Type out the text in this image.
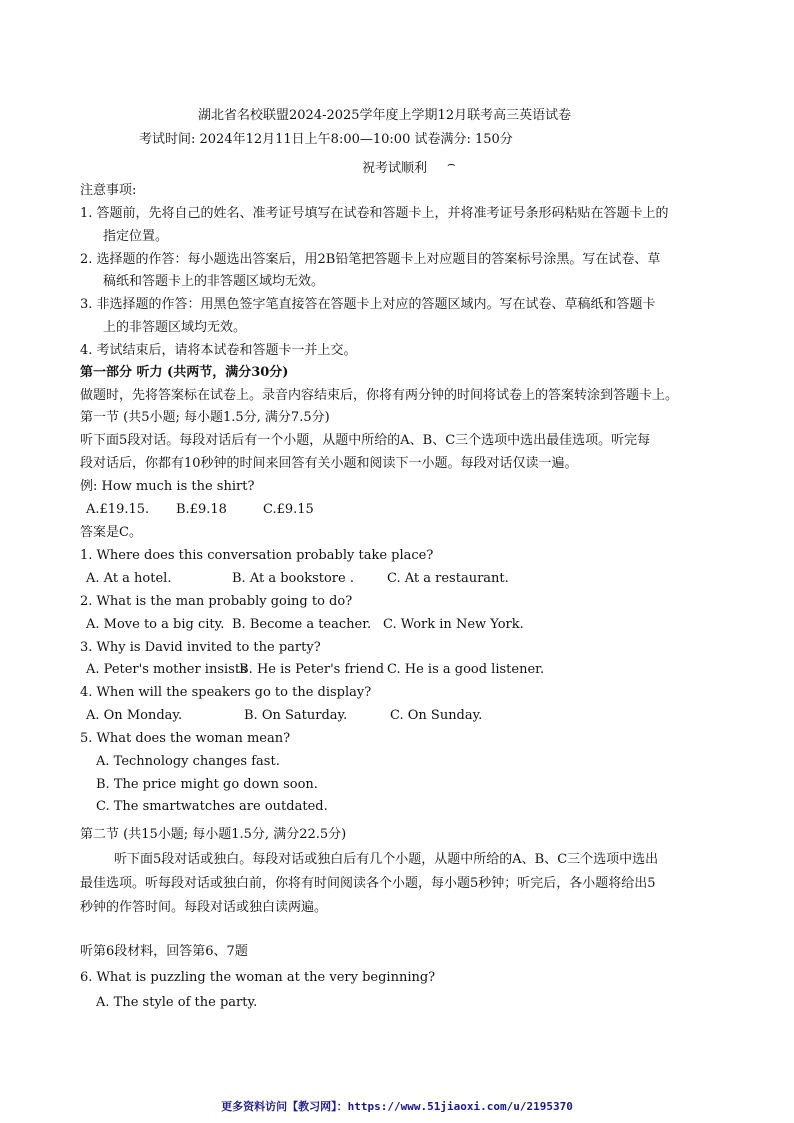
湖北省名校联盟2024-2025学年度上学期12月联考高三英语试卷
考试时间: 2024年12月11日上午8:00—10:00 试卷满分: 150分
祝考试顺利 ⌢
注意事项:
1. 答题前，先将自己的姓名、准考证号填写在试卷和答题卡上，并将准考证号条形码粘贴在答题卡上的
指定位置。
2. 选择题的作答：每小题选出答案后，用2B铅笔把答题卡上对应题目的答案标号涂黑。写在试卷、草
稿纸和答题卡上的非答题区域均无效。
3. 非选择题的作答：用黑色签字笔直接答在答题卡上对应的答题区域内。写在试卷、草稿纸和答题卡
上的非答题区域均无效。
4. 考试结束后，请将本试卷和答题卡一并上交。
第一部分 听力 (共两节，满分30分)
做题时，先将答案标在试卷上。录音内容结束后，你将有两分钟的时间将试卷上的答案转涂到答题卡上。
第一节 (共5小题; 每小题1.5分, 满分7.5分)
听下面5段对话。每段对话后有一个小题，从题中所给的A、B、C三个选项中选出最佳选项。听完每
段对话后，你都有10秒钟的时间来回答有关小题和阅读下一小题。每段对话仅读一遍。
例: How much is the shirt?
A.£19.15. B.£9.18	C.£9.15
答案是C。
1. Where does this conversation probably take place?
A. At a hotel.	B. At a bookstore .	C. At a restaurant.
2. What is the man probably going to do?
A. Move to a big city. B. Become a teacher. C. Work in New York.
3. Why is David invited to the party?
A. Peter's mother insists
.B. He is Peter's friend C. He is a good listener.
4. When will the speakers go to the display?
A. On Monday.	B. On Saturday.	C. On Sunday.
5. What does the woman mean?
A. Technology changes fast.
B. The price might go down soon.
C. The smartwatches are outdated.
第二节 (共15小题; 每小题1.5分, 满分22.5分)
听下面5段对话或独白。每段对话或独白后有几个小题，从题中所给的A、B、C三个选项中选出
最佳选项。听每段对话或独白前，你将有时间阅读各个小题，每小题5秒钟；听完后，各小题将给出5
秒钟的作答时间。每段对话或独白读两遍。
听第6段材料，回答第6、7题
6. What is puzzling the woman at the very beginning?
A. The style of the party.
更多资料访问【教习网】：https://www.51jiaoxi.com/u/2195370
